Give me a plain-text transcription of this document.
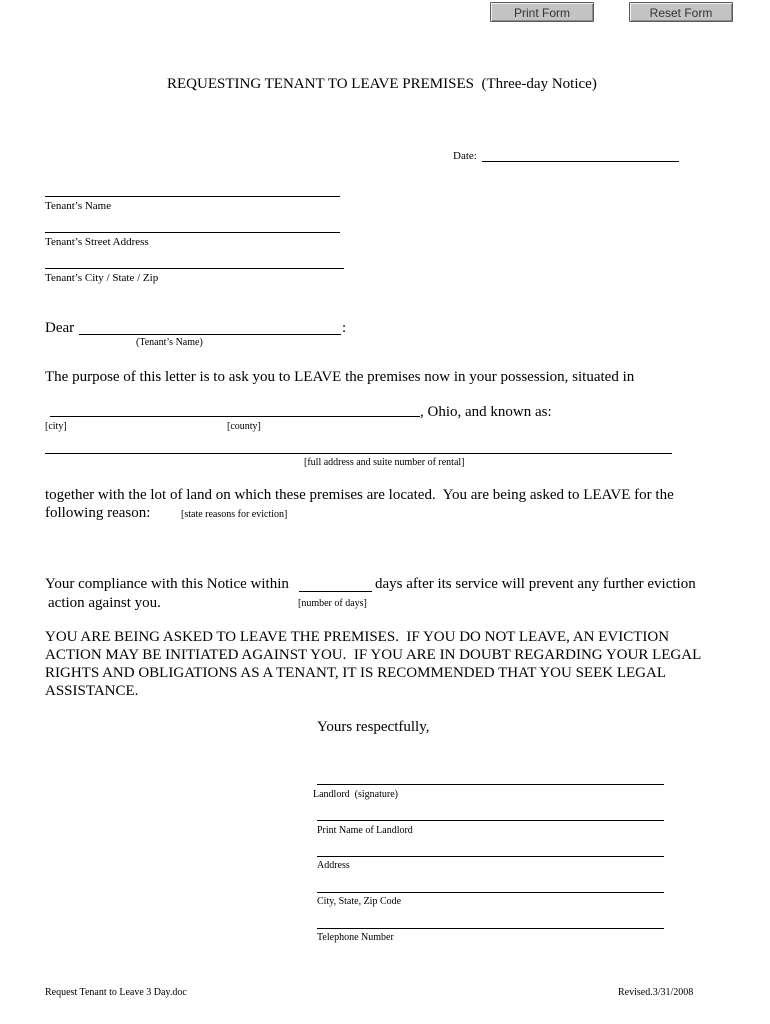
Print Form	Reset Form
REQUESTING TENANT TO LEAVE PREMISES  (Three-day Notice)
Date:
Tenant’s Name
Tenant’s Street Address
Tenant’s City / State / Zip
Dear	:
(Tenant’s Name)
The purpose of this letter is to ask you to LEAVE the premises now in your possession, situated in
, Ohio, and known as:
[city]	[county]
[full address and suite number of rental]
together with the lot of land on which these premises are located.  You are being asked to LEAVE for the
following reason:	[state reasons for eviction]
Your compliance with this Notice within	days after its service will prevent any further eviction
action against you.	[number of days]
YOU ARE BEING ASKED TO LEAVE THE PREMISES.  IF YOU DO NOT LEAVE, AN EVICTION
ACTION MAY BE INITIATED AGAINST YOU.  IF YOU ARE IN DOUBT REGARDING YOUR LEGAL
RIGHTS AND OBLIGATIONS AS A TENANT, IT IS RECOMMENDED THAT YOU SEEK LEGAL
ASSISTANCE.
Yours respectfully,
Landlord  (signature)
Print Name of Landlord
Address
City, State, Zip Code
Telephone Number
Request Tenant to Leave 3 Day.doc	Revised.3/31/2008
